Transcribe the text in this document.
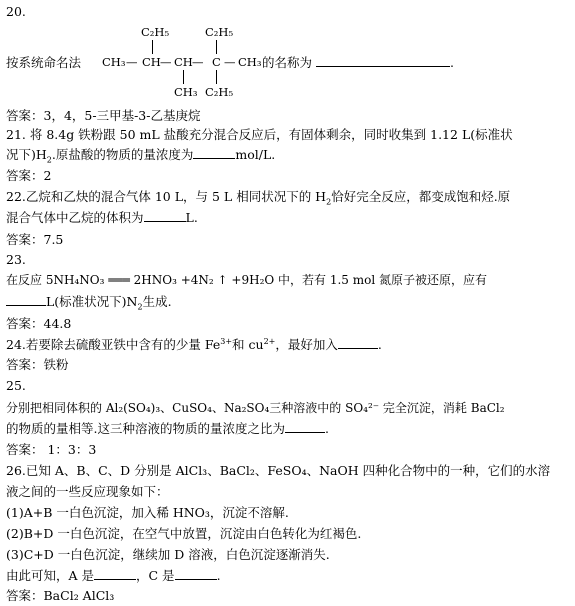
20.
按系统命名法
C₂H₅	C₂H₅
CH₃ — CH — CH — C — CH₃
CH₃ C₂H₅
的名称为	.
答案：3，4，5-三甲基-3-乙基庚烷
21. 将 8.4g 铁粉跟 50 mL 盐酸充分混合反应后，有固体剩余，同时收集到 1.12 L(标准状
况下)$H_2$.原盐酸的物质的量浓度为	mol/L.
答案：2
22.乙烷和乙炔的混合气体 10 L，与 5 L 相同状况下的 $H_2$恰好完全反应，都变成饱和烃.原
混合气体中乙烷的体积为	L.
答案：7.5
23.
在反应 5NH₄NO₃ ═══ 2HNO₃ +4N₂ ↑ +9H₂O 中，若有 1.5 mol 氮原子被还原，应有
L(标准状况下)$N_2$生成.
答案：44.8
24.若要除去硫酸亚铁中含有的少量 $Fe^{3+}$和 $cu^{2+}$，最好加入	.
答案：铁粉
25.
分别把相同体积的 Al₂(SO₄)₃、CuSO₄、Na₂SO₄三种溶液中的 SO₄²⁻ 完全沉淀，消耗 BaCl₂
的物质的量相等.这三种溶液的物质的量浓度之比为	.
答案： 1：3：3
26.已知 A、B、C、D 分别是 AlCl₃、BaCl₂、FeSO₄、NaOH 四种化合物中的一种，它们的水溶
液之间的一些反应现象如下：
(1)A+B 一白色沉淀，加入稀 HNO₃，沉淀不溶解.
(2)B+D 一白色沉淀，在空气中放置，沉淀由白色转化为红褐色.
(3)C+D 一白色沉淀，继续加 D 溶液，白色沉淀逐渐消失.
由此可知，A 是	，C 是	.
答案：BaCl₂ AlCl₃
